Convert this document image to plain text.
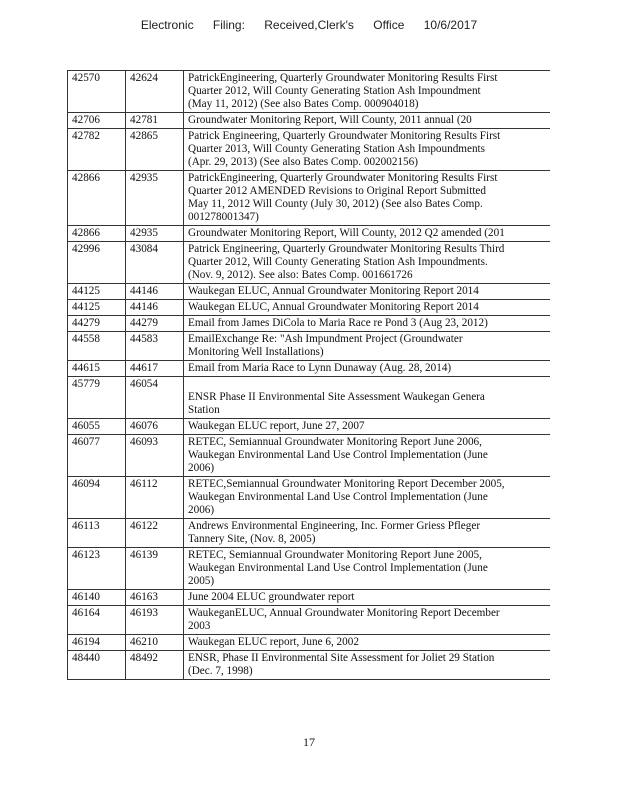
Electronic Filing: Received,Clerk's Office 10/6/2017
42570	42624	PatrickEngineering, Quarterly Groundwater Monitoring Results First
Quarter 2012, Will County Generating Station Ash Impoundment
(May 11, 2012) (See also Bates Comp. 000904018)

42706	42781	Groundwater Monitoring Report, Will County, 2011 annual (20

42782	42865	Patrick Engineering, Quarterly Groundwater Monitoring Results First
Quarter 2013, Will County Generating Station Ash Impoundments
(Apr. 29, 2013) (See also Bates Comp. 002002156)

42866	42935	PatrickEngineering, Quarterly Groundwater Monitoring Results First
Quarter 2012 AMENDED Revisions to Original Report Submitted
May 11, 2012 Will County (July 30, 2012) (See also Bates Comp.
001278001347)

42866	42935	Groundwater Monitoring Report, Will County, 2012 Q2 amended (201

42996	43084	Patrick Engineering, Quarterly Groundwater Monitoring Results Third
Quarter 2012, Will County Generating Station Ash Impoundments.
(Nov. 9, 2012). See also: Bates Comp. 001661726

44125	44146	Waukegan ELUC, Annual Groundwater Monitoring Report 2014

44125	44146	Waukegan ELUC, Annual Groundwater Monitoring Report 2014

44279	44279	Email from James DiCola to Maria Race re Pond 3 (Aug 23, 2012)

44558	44583	EmailExchange Re: "Ash Impundment Project (Groundwater
Monitoring Well Installations)

44615	44617	Email from Maria Race to Lynn Dunaway (Aug. 28, 2014)

45779	46054	ENSR Phase II Environmental Site Assessment Waukegan Genera
Station

46055	46076	Waukegan ELUC report, June 27, 2007

46077	46093	RETEC, Semiannual Groundwater Monitoring Report June 2006,
Waukegan Environmental Land Use Control Implementation (June
2006)

46094	46112	RETEC,Semiannual Groundwater Monitoring Report December 2005,
Waukegan Environmental Land Use Control Implementation (June
2006)

46113	46122	Andrews Environmental Engineering, Inc. Former Griess Pfleger
Tannery Site, (Nov. 8, 2005)

46123	46139	RETEC, Semiannual Groundwater Monitoring Report June 2005,
Waukegan Environmental Land Use Control Implementation (June
2005)

46140	46163	June 2004 ELUC groundwater report

46164	46193	WaukeganELUC, Annual Groundwater Monitoring Report December
2003

46194	46210	Waukegan ELUC report, June 6, 2002

48440	48492	ENSR, Phase II Environmental Site Assessment for Joliet 29 Station
(Dec. 7, 1998)
17
